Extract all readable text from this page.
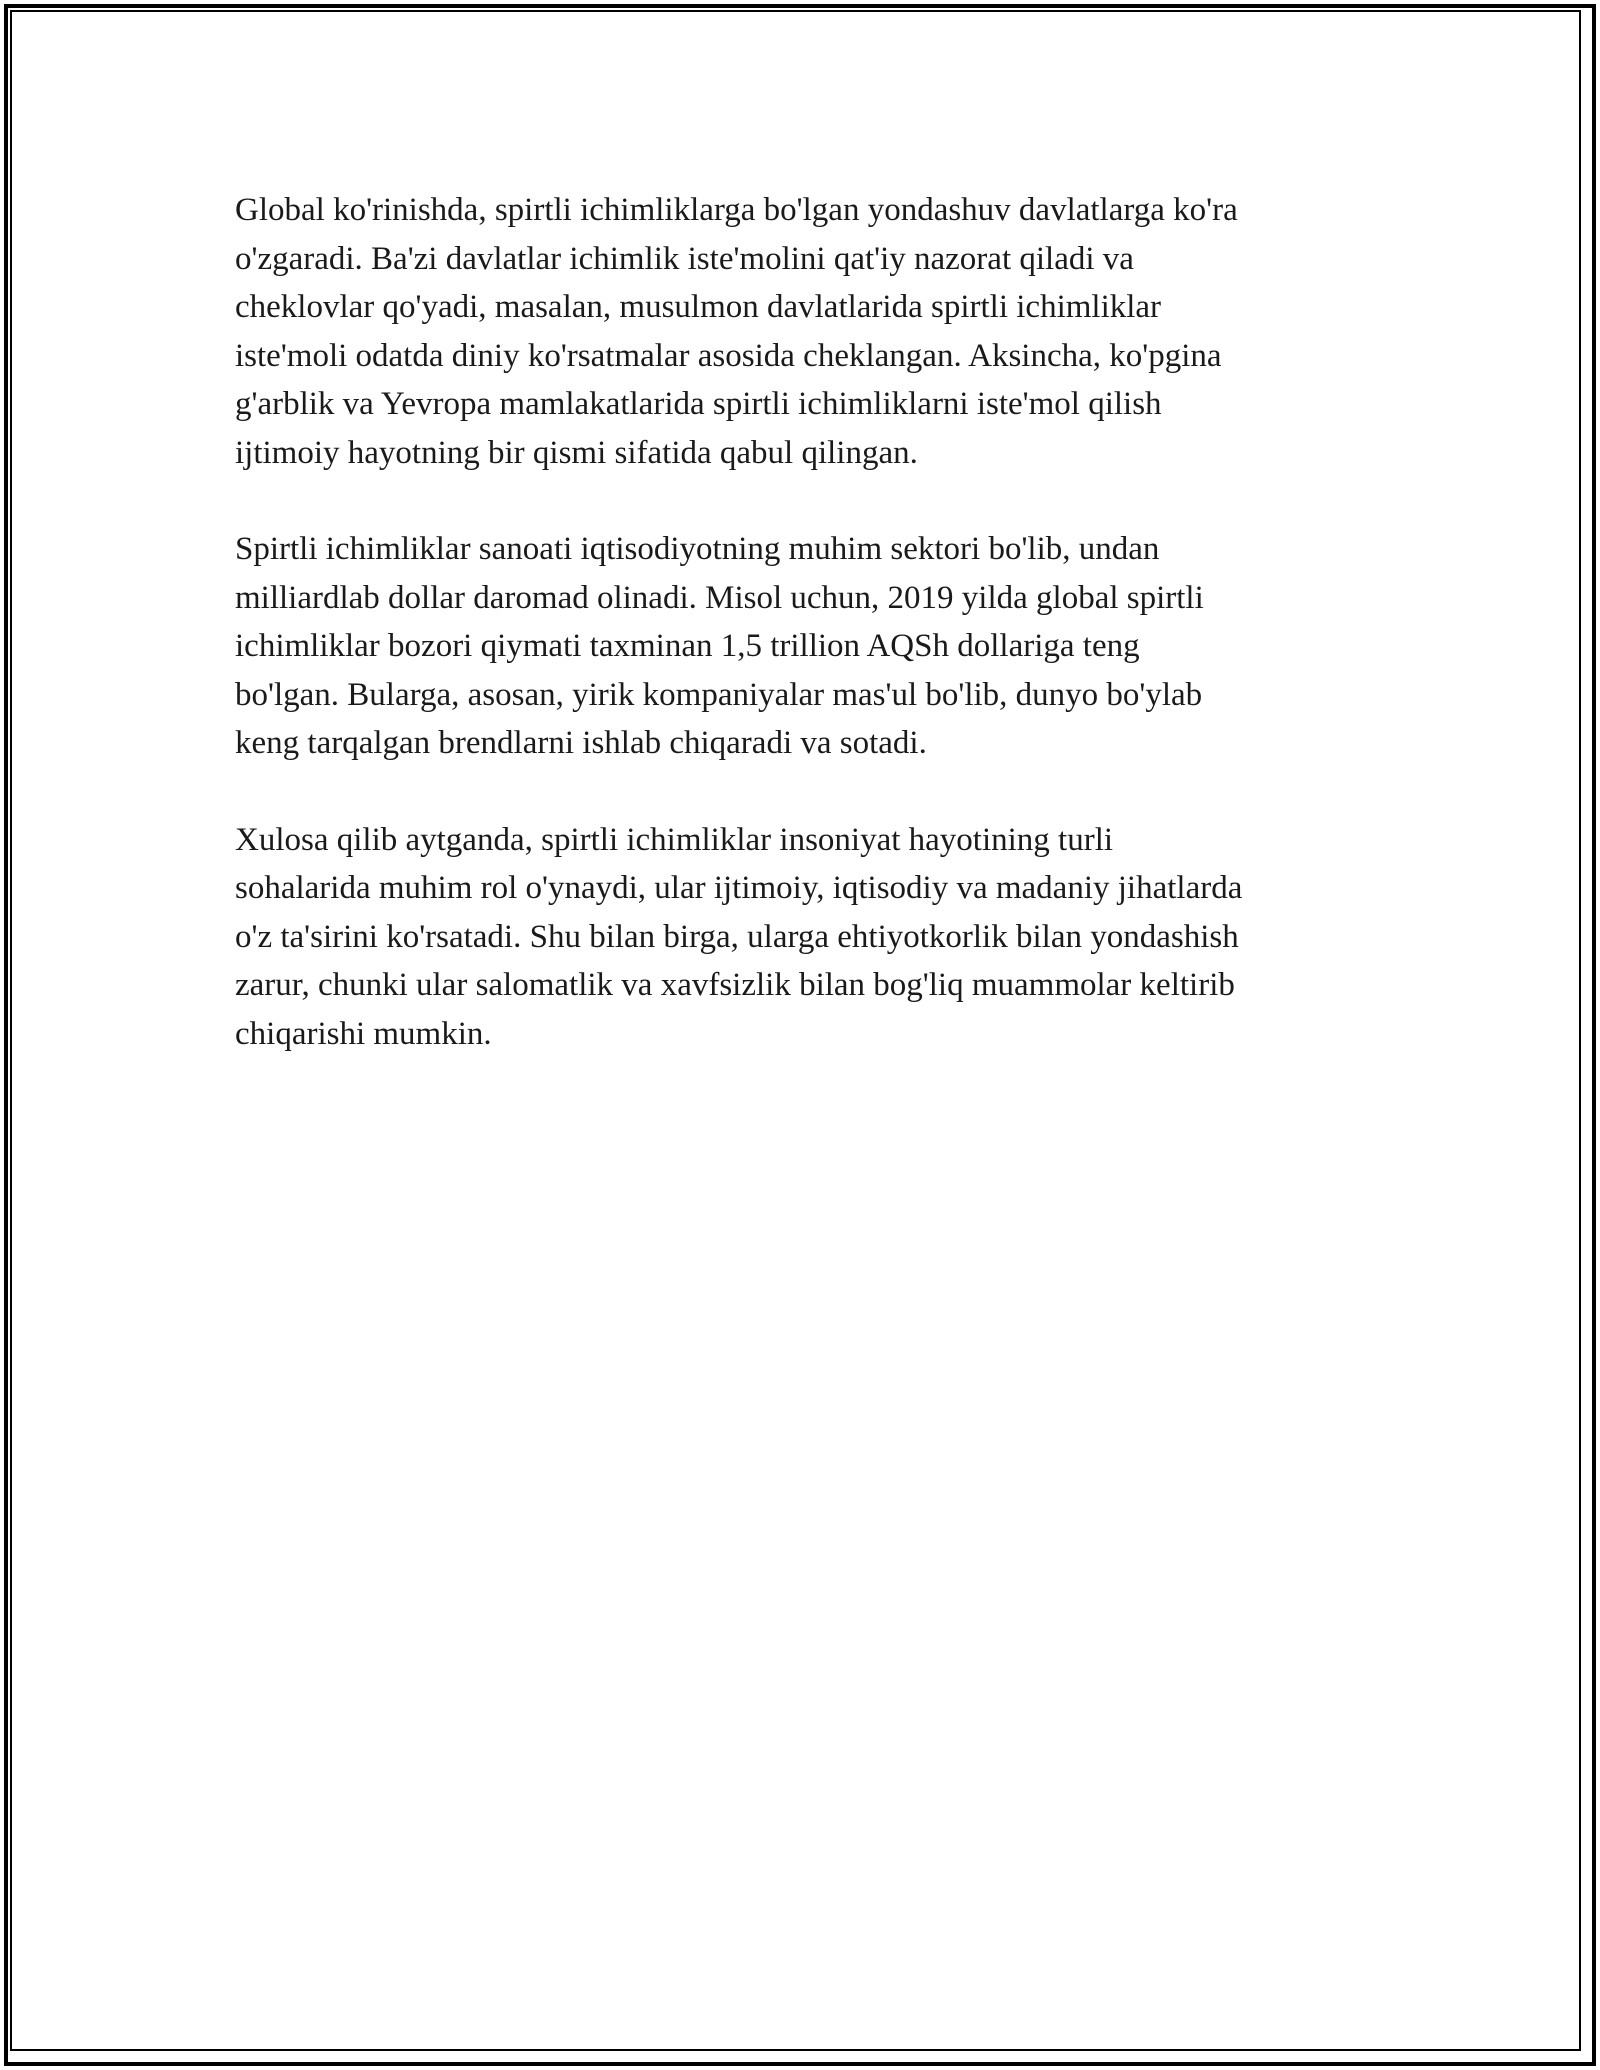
Global ko'rinishda, spirtli ichimliklarga bo'lgan yondashuv davlatlarga ko'ra
o'zgaradi. Ba'zi davlatlar ichimlik iste'molini qat'iy nazorat qiladi va
cheklovlar qo'yadi, masalan, musulmon davlatlarida spirtli ichimliklar
iste'moli odatda diniy ko'rsatmalar asosida cheklangan. Aksincha, ko'pgina
g'arblik va Yevropa mamlakatlarida spirtli ichimliklarni iste'mol qilish
ijtimoiy hayotning bir qismi sifatida qabul qilingan.

Spirtli ichimliklar sanoati iqtisodiyotning muhim sektori bo'lib, undan
milliardlab dollar daromad olinadi. Misol uchun, 2019 yilda global spirtli
ichimliklar bozori qiymati taxminan 1,5 trillion AQSh dollariga teng
bo'lgan. Bularga, asosan, yirik kompaniyalar mas'ul bo'lib, dunyo bo'ylab
keng tarqalgan brendlarni ishlab chiqaradi va sotadi.

Xulosa qilib aytganda, spirtli ichimliklar insoniyat hayotining turli
sohalarida muhim rol o'ynaydi, ular ijtimoiy, iqtisodiy va madaniy jihatlarda
o'z ta'sirini ko'rsatadi. Shu bilan birga, ularga ehtiyotkorlik bilan yondashish
zarur, chunki ular salomatlik va xavfsizlik bilan bog'liq muammolar keltirib
chiqarishi mumkin.
